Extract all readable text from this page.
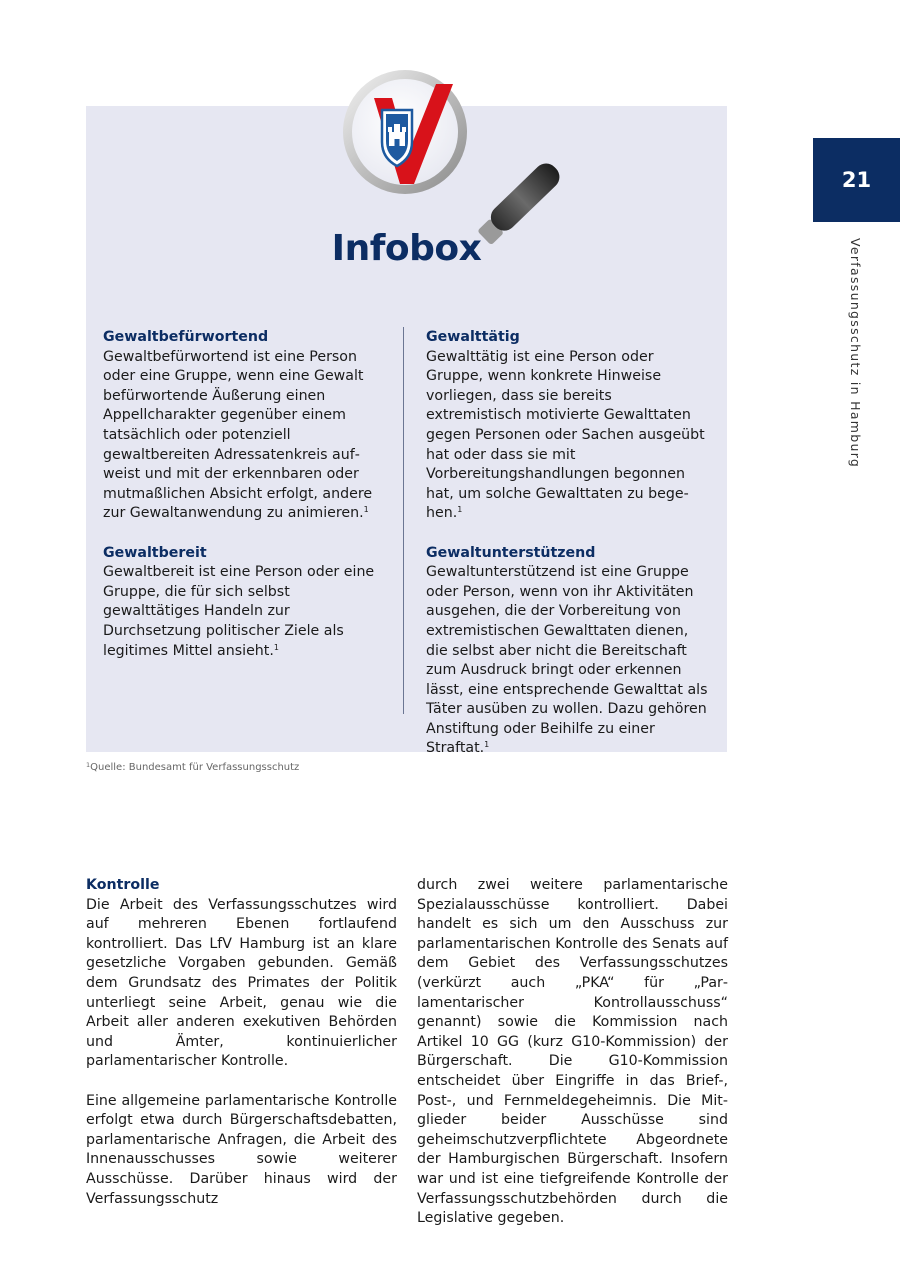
Infobox
Gewaltbefürwortend

Gewaltbefürwortend ist eine Person oder eine Gruppe, wenn eine Gewalt befürwortende Äußerung einen Appellcharakter gegenüber einem tatsächlich oder potenziell gewaltbereiten Adressatenkreis aufweist und mit der erkennbaren oder mutmaßlichen Absicht erfolgt, andere zur Gewaltanwendung zu animieren.$^1$

Gewaltbereit

Gewaltbereit ist eine Person oder eine Gruppe, die für sich selbst gewalttätiges Handeln zur Durchsetzung politischer Ziele als legitimes Mittel ansieht.$^1$

Gewalttätig

Gewalttätig ist eine Person oder Gruppe, wenn konkrete Hinweise vorliegen, dass sie bereits extremistisch motivierte Gewalttaten gegen Personen oder Sachen ausgeübt hat oder dass sie mit Vorbereitungshandlungen begonnen hat, um solche Gewalttaten zu begehen.$^1$

Gewaltunterstützend

Gewaltunterstützend ist eine Gruppe oder Person, wenn von ihr Aktivitäten ausgehen, die der Vorbereitung von extremistischen Gewalttaten dienen, die selbst aber nicht die Bereitschaft zum Ausdruck bringt oder erkennen lässt, eine entsprechende Gewalttat als Täter ausüben zu wollen. Dazu gehören Anstiftung oder Beihilfe zu einer Straftat.$^1$

$^1$Quelle: Bundesamt für Verfassungsschutz
21
Verfassungsschutz in Hamburg
Kontrolle

Die Arbeit des Verfassungsschutzes wird auf mehreren Ebenen fortlaufend kontrolliert. Das LfV Hamburg ist an klare gesetzliche Vorgaben gebunden. Gemäß dem Grundsatz des Primates der Politik unterliegt seine Arbeit, genau wie die Arbeit aller anderen exekutiven Behörden und Ämter, kontinuierlicher parlamentarischer Kontrolle.

Eine allgemeine parlamentarische Kontrolle erfolgt etwa durch Bürgerschaftsdebatten, parlamentarische Anfragen, die Arbeit des Innenausschusses sowie weiterer Ausschüsse. Darüber hinaus wird der Verfassungsschutz

durch zwei weitere parlamentarische Spezialausschüsse kontrolliert. Dabei handelt es sich um den Ausschuss zur parlamentarischen Kontrolle des Senats auf dem Gebiet des Verfassungsschutzes (verkürzt auch „PKA“ für „Parlamentarischer Kontrollausschuss“ genannt) sowie die Kommission nach Artikel 10 GG (kurz G10-Kommission) der Bürgerschaft. Die G10-Kommission entscheidet über Eingriffe in das Brief-, Post-, und Fernmeldegeheimnis. Die Mitglieder beider Ausschüsse sind geheimschutzverpflichtete Abgeordnete der Hamburgischen Bürgerschaft. Insofern war und ist eine tiefgreifende Kontrolle der Verfassungsschutzbehörden durch die Legislative gegeben.
